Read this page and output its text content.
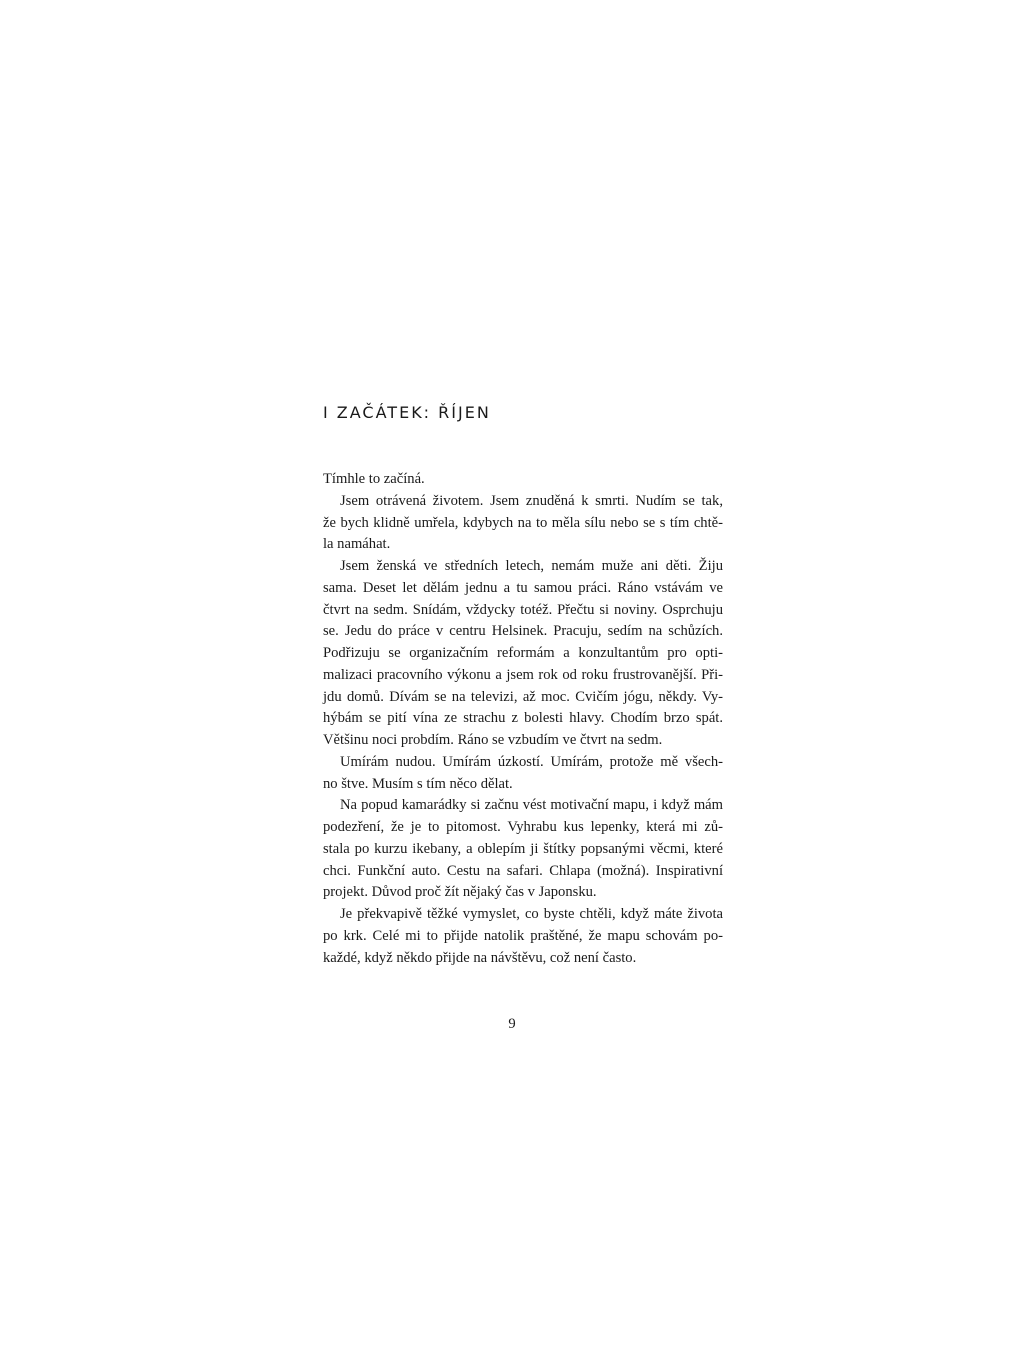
I ZAČÁTEK: ŘÍJEN
Tímhle to začíná.
Jsem otrávená životem. Jsem znuděná k smrti. Nudím se tak,
že bych klidně umřela, kdybych na to měla sílu nebo se s tím chtě-
la namáhat.
Jsem ženská ve středních letech, nemám muže ani děti. Žiju
sama. Deset let dělám jednu a tu samou práci. Ráno vstávám ve
čtvrt na sedm. Snídám, vždycky totéž. Přečtu si noviny. Osprchuju
se. Jedu do práce v centru Helsinek. Pracuju, sedím na schůzích.
Podřizuju se organizačním reformám a konzultantům pro opti-
malizaci pracovního výkonu a jsem rok od roku frustrovanější. Při-
jdu domů. Dívám se na televizi, až moc. Cvičím jógu, někdy. Vy-
hýbám se pití vína ze strachu z bolesti hlavy. Chodím brzo spát.
Většinu noci probdím. Ráno se vzbudím ve čtvrt na sedm.
Umírám nudou. Umírám úzkostí. Umírám, protože mě všech-
no štve. Musím s tím něco dělat.
Na popud kamarádky si začnu vést motivační mapu, i když mám
podezření, že je to pitomost. Vyhrabu kus lepenky, která mi zů-
stala po kurzu ikebany, a oblepím ji štítky popsanými věcmi, které
chci. Funkční auto. Cestu na safari. Chlapa (možná). Inspirativní
projekt. Důvod proč žít nějaký čas v Japonsku.
Je překvapivě těžké vymyslet, co byste chtěli, když máte života
po krk. Celé mi to přijde natolik praštěné, že mapu schovám po-
každé, když někdo přijde na návštěvu, což není často.
9
